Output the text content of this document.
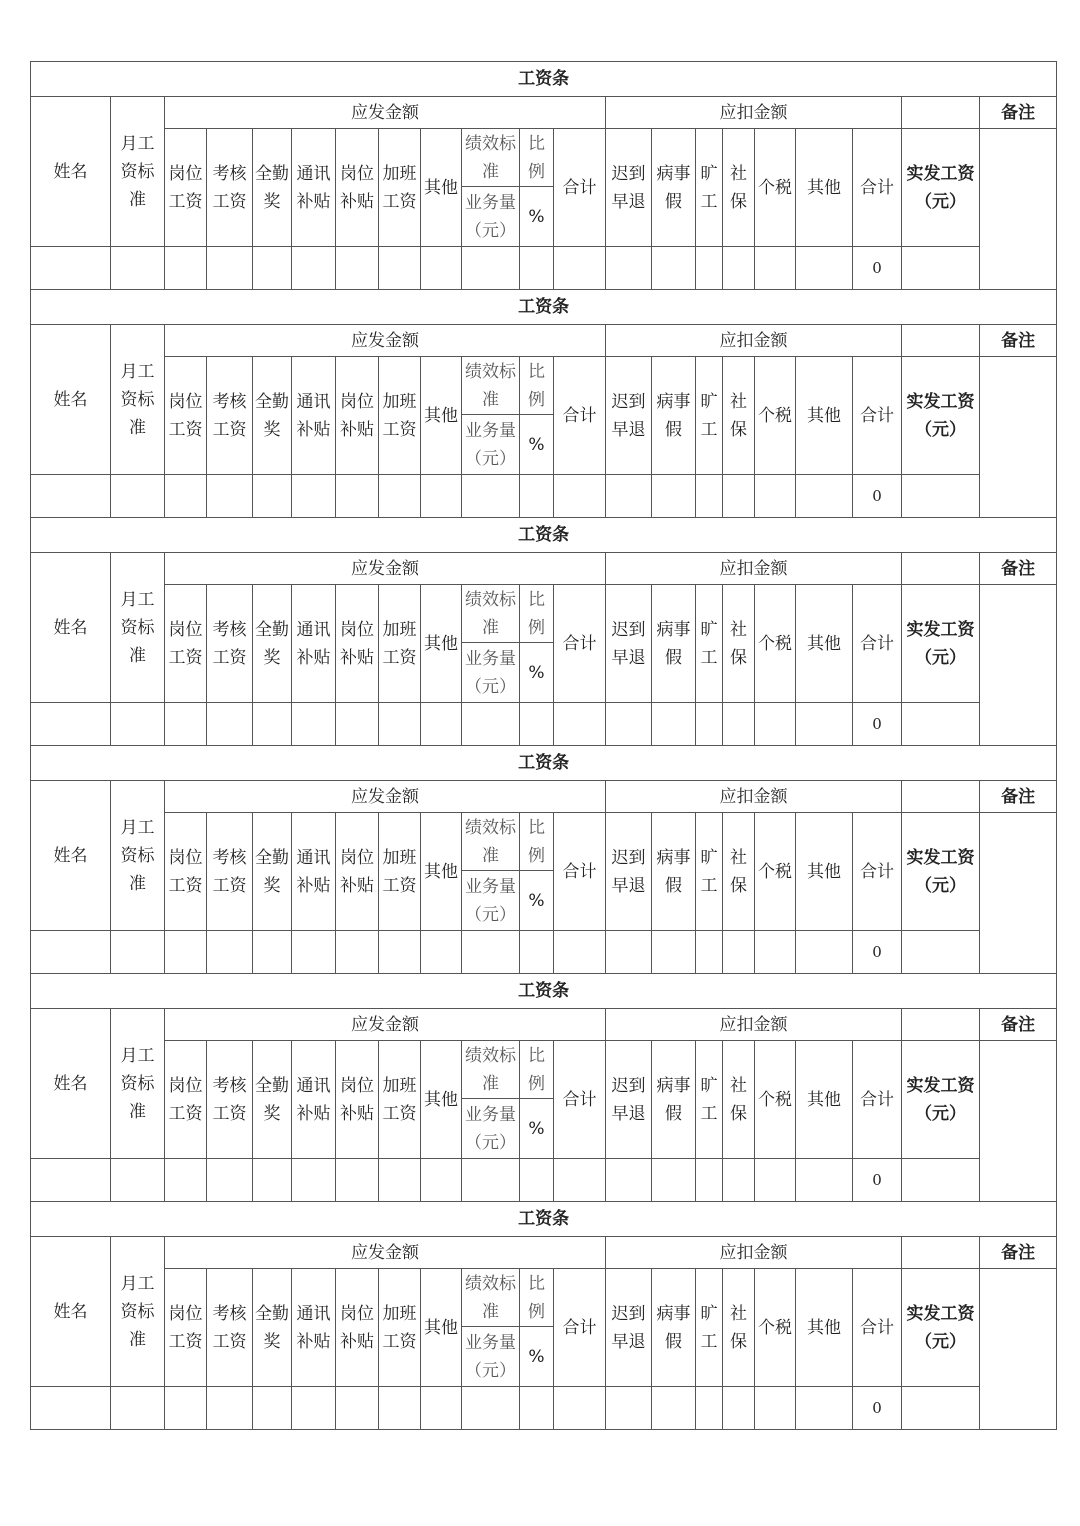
工资条																				
姓名	月工资标准	应发金额										应扣金额								备注

		岗位工资	考核工资	全勤奖	通讯补贴	岗位补贴	加班工资	其他	绩效标准	比例	合计	迟到早退	病事假	旷工	社保	个税	其他	合计	实发工资（元）	

									业务量（元）	%										
																		0		
工资条																				
姓名	月工资标准	应发金额										应扣金额								备注

		岗位工资	考核工资	全勤奖	通讯补贴	岗位补贴	加班工资	其他	绩效标准	比例	合计	迟到早退	病事假	旷工	社保	个税	其他	合计	实发工资（元）	

									业务量（元）	%										
																		0		
工资条																				
姓名	月工资标准	应发金额										应扣金额								备注

		岗位工资	考核工资	全勤奖	通讯补贴	岗位补贴	加班工资	其他	绩效标准	比例	合计	迟到早退	病事假	旷工	社保	个税	其他	合计	实发工资（元）	

									业务量（元）	%										
																		0		
工资条																				
姓名	月工资标准	应发金额										应扣金额								备注

		岗位工资	考核工资	全勤奖	通讯补贴	岗位补贴	加班工资	其他	绩效标准	比例	合计	迟到早退	病事假	旷工	社保	个税	其他	合计	实发工资（元）	

									业务量（元）	%										
																		0		
工资条																				
姓名	月工资标准	应发金额										应扣金额								备注

		岗位工资	考核工资	全勤奖	通讯补贴	岗位补贴	加班工资	其他	绩效标准	比例	合计	迟到早退	病事假	旷工	社保	个税	其他	合计	实发工资（元）	

									业务量（元）	%										
																		0		
工资条																				
姓名	月工资标准	应发金额										应扣金额								备注

		岗位工资	考核工资	全勤奖	通讯补贴	岗位补贴	加班工资	其他	绩效标准	比例	合计	迟到早退	病事假	旷工	社保	个税	其他	合计	实发工资（元）	

									业务量（元）	%										
																		0		
